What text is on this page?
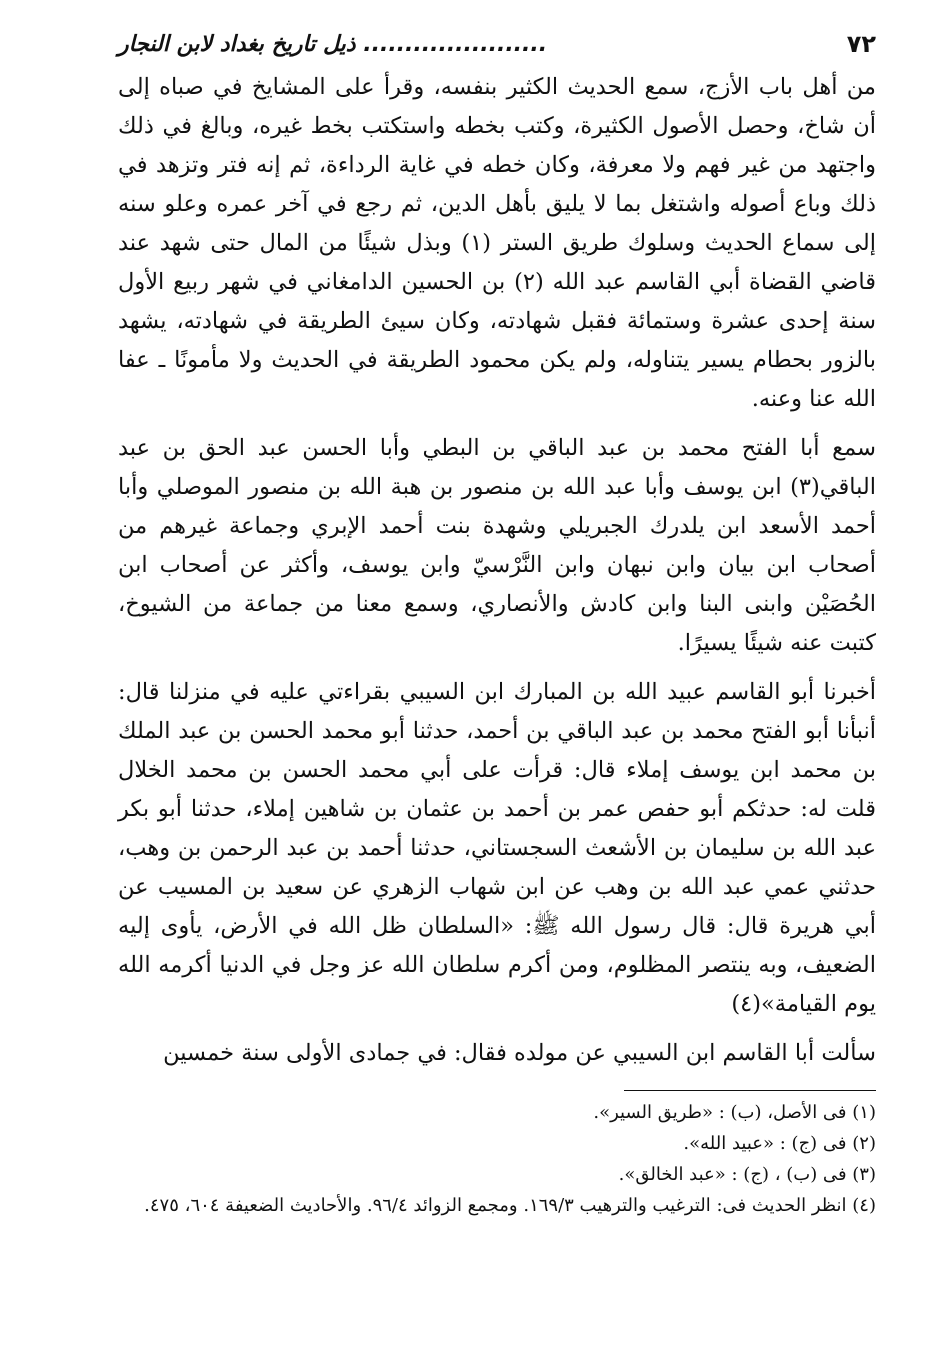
٧٢
...................... ذيل تاريخ بغداد لابن النجار

من أهل باب الأزج، سمع الحديث الكثير بنفسه، وقرأ على المشايخ في صباه إلى أن شاخ، وحصل الأصول الكثيرة، وكتب بخطه واستكتب بخط غيره، وبالغ في ذلك واجتهد من غير فهم ولا معرفة، وكان خطه في غاية الرداءة، ثم إنه فتر وتزهد في ذلك وباع أصوله واشتغل بما لا يليق بأهل الدين، ثم رجع في آخر عمره وعلو سنه إلى سماع الحديث وسلوك طريق الستر (١) وبذل شيئًا من المال حتى شهد عند قاضي القضاة أبي القاسم عبد الله (٢) بن الحسين الدامغاني في شهر ربيع الأول سنة إحدى عشرة وستمائة فقبل شهادته، وكان سيئ الطريقة في شهادته، يشهد بالزور بحطام يسير يتناوله، ولم يكن محمود الطريقة في الحديث ولا مأمونًا ـ عفا الله عنا وعنه.

سمع أبا الفتح محمد بن عبد الباقي بن البطي وأبا الحسن عبد الحق بن عبد الباقي(٣) ابن يوسف وأبا عبد الله بن منصور بن هبة الله بن منصور الموصلي وأبا أحمد الأسعد ابن يلدرك الجبريلي وشهدة بنت أحمد الإبري وجماعة غيرهم من أصحاب ابن بيان وابن نبهان وابن النَّرْسيّ وابن يوسف، وأكثر عن أصحاب ابن الحُصَيْن وابنى البنا وابن كادش والأنصاري، وسمع معنا من جماعة من الشيوخ، كتبت عنه شيئًا يسيرًا.

أخبرنا أبو القاسم عبيد الله بن المبارك ابن السيبي بقراءتي عليه في منزلنا قال: أنبأنا أبو الفتح محمد بن عبد الباقي بن أحمد، حدثنا أبو محمد الحسن بن عبد الملك بن محمد ابن يوسف إملاء قال: قرأت على أبي محمد الحسن بن محمد الخلال قلت له: حدثكم أبو حفص عمر بن أحمد بن عثمان بن شاهين إملاء، حدثنا أبو بكر عبد الله بن سليمان بن الأشعث السجستاني، حدثنا أحمد بن عبد الرحمن بن وهب، حدثني عمي عبد الله بن وهب عن ابن شهاب الزهري عن سعيد بن المسيب عن أبي هريرة قال: قال رسول الله ﷺ: «السلطان ظل الله في الأرض، يأوى إليه الضعيف، وبه ينتصر المظلوم، ومن أكرم سلطان الله عز وجل في الدنيا أكرمه الله يوم القيامة»(٤)

سألت أبا القاسم ابن السيبي عن مولده فقال: في جمادى الأولى سنة خمسين

(١) فى الأصل، (ب) : «طريق السير».
(٢) فى (ج) : «عبيد الله».
(٣) فى (ب) ، (ج) : «عبد الخالق».
(٤) انظر الحديث فى: الترغيب والترهيب ١٦٩/٣. ومجمع الزوائد ٩٦/٤. والأحاديث الضعيفة ٦٠٤، ٤٧٥.
